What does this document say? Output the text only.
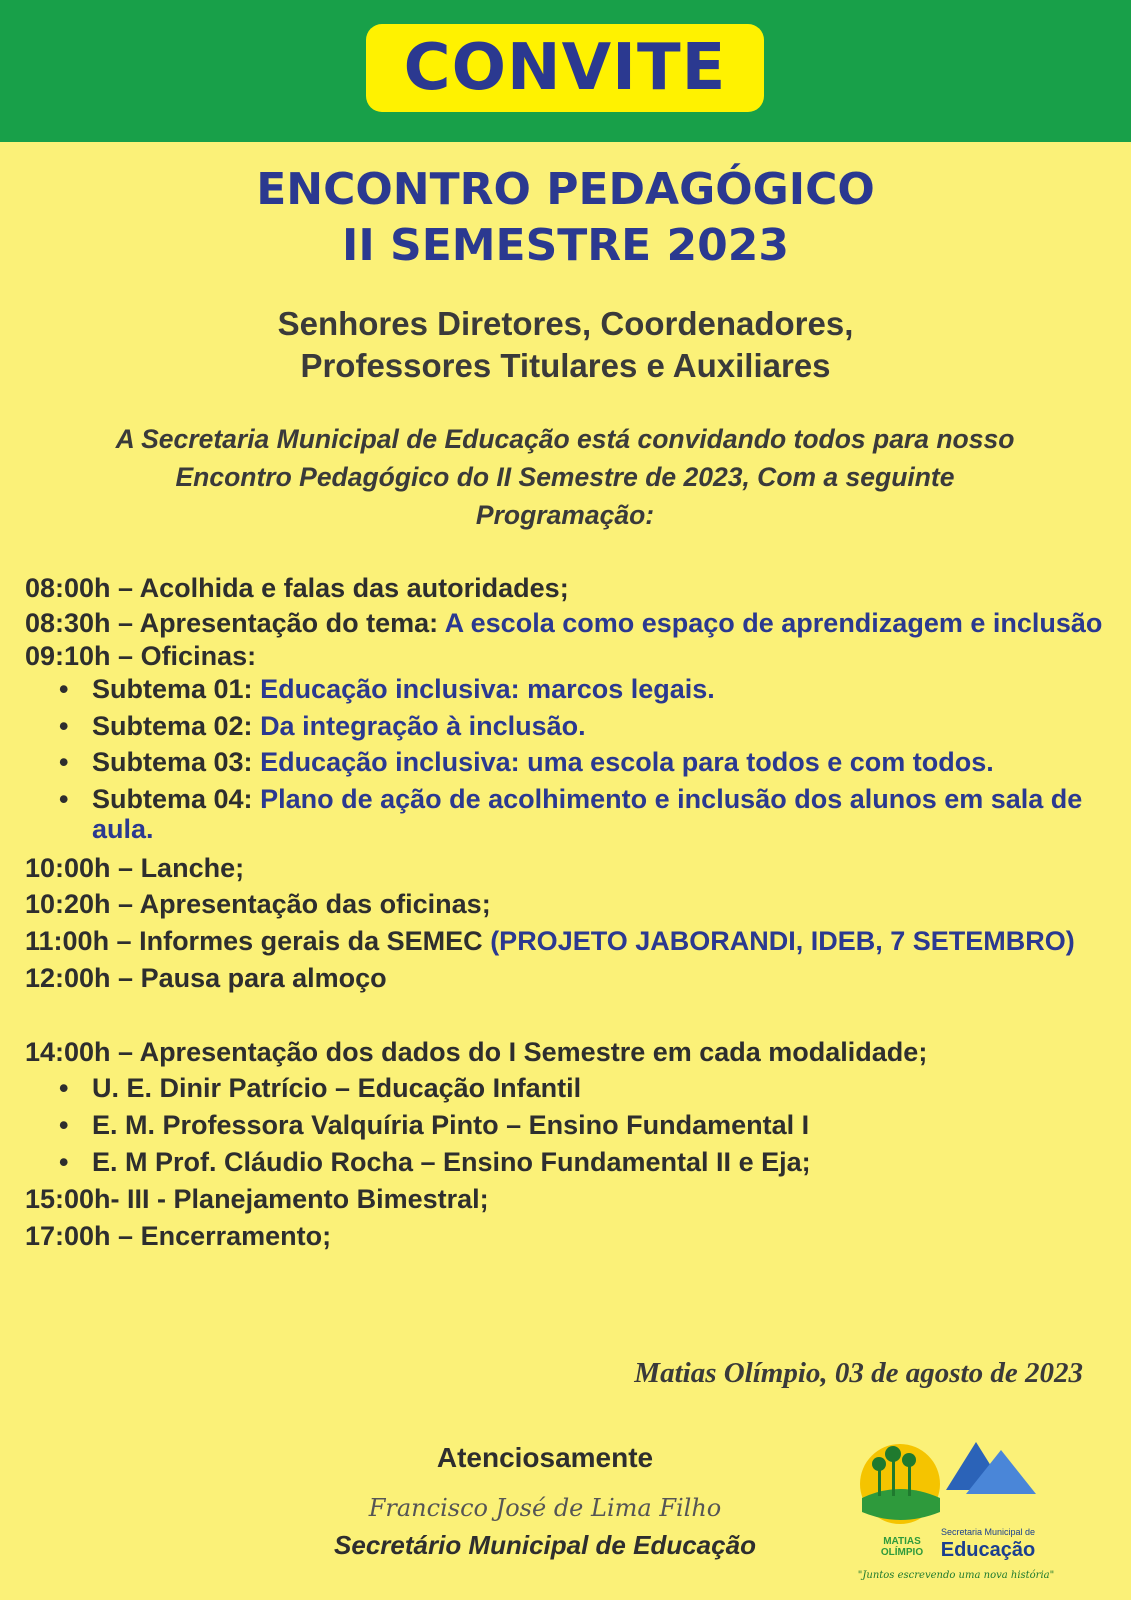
CONVITE
ENCONTRO PEDAGÓGICO
II SEMESTRE 2023
Senhores Diretores, Coordenadores,
Professores Titulares e Auxiliares
A Secretaria Municipal de Educação está convidando todos para nosso
Encontro Pedagógico do II Semestre de 2023, Com a seguinte
Programação:

08:00h – Acolhida e falas das autoridades;

08:30h – Apresentação do tema: A escola como espaço de aprendizagem e inclusão

09:10h – Oficinas:

• Subtema 01: Educação inclusiva: marcos legais.
• Subtema 02: Da integração à inclusão.
• Subtema 03: Educação inclusiva: uma escola para todos e com todos.
• Subtema 04: Plano de ação de acolhimento e inclusão dos alunos em sala de aula.

10:00h – Lanche;

10:20h – Apresentação das oficinas;

11:00h – Informes gerais da SEMEC (PROJETO JABORANDI, IDEB, 7 SETEMBRO)

12:00h – Pausa para almoço

14:00h – Apresentação dos dados do I Semestre em cada modalidade;

• U. E. Dinir Patrício – Educação Infantil
• E. M. Professora Valquíria Pinto – Ensino Fundamental I
• E. M Prof. Cláudio Rocha – Ensino Fundamental II e Eja;

15:00h- III - Planejamento Bimestral;

17:00h – Encerramento;

Matias Olímpio, 03 de agosto de 2023
Atenciosamente
Francisco José de Lima Filho
Secretário Municipal de Educação	MATIAS
OLÍMPIO
Secretaria Municipal de
Educação
"Juntos escrevendo uma nova história"
